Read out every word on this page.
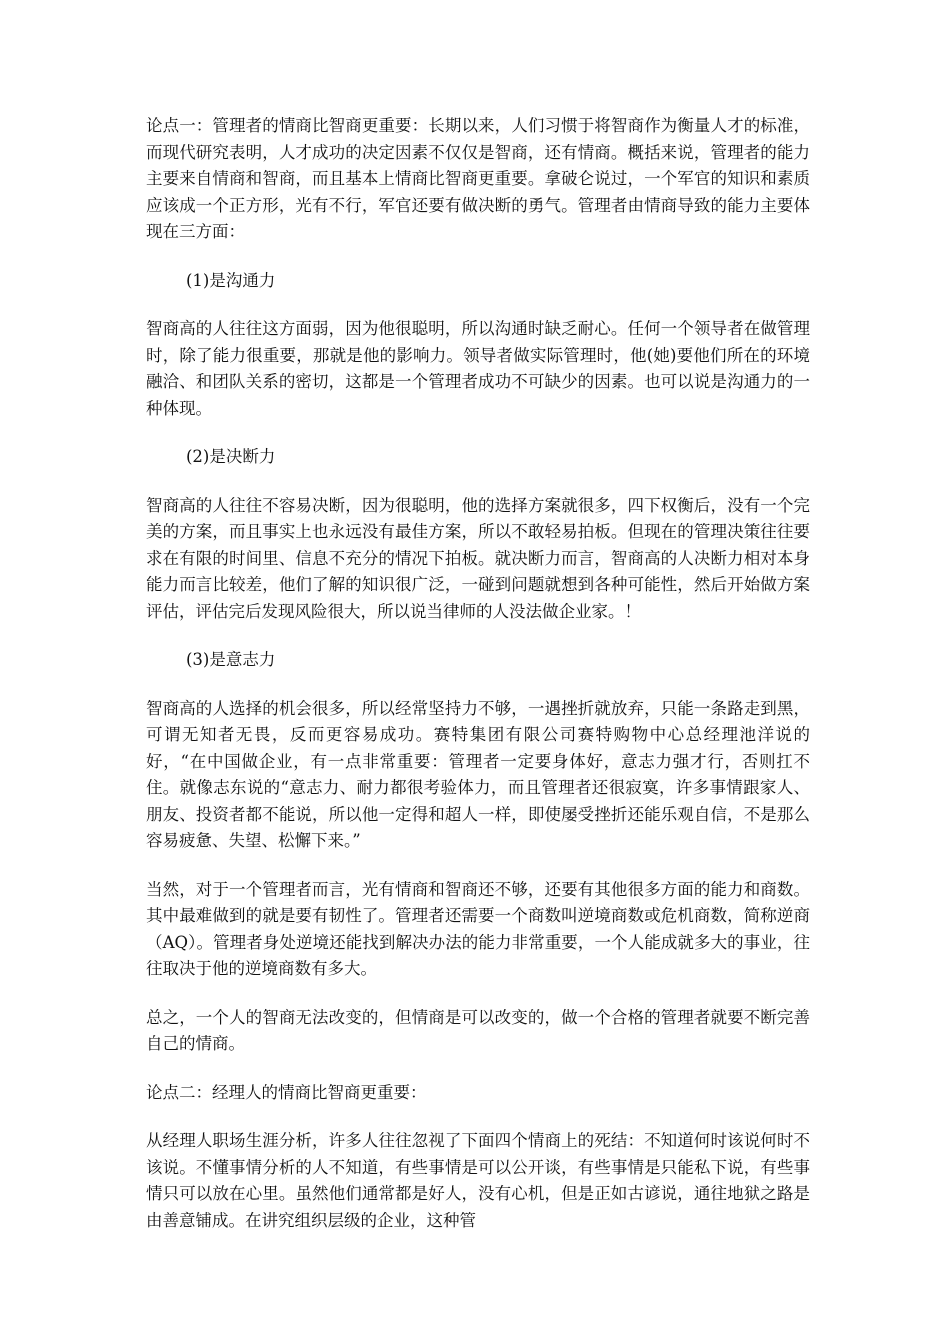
论点一：管理者的情商比智商更重要：长期以来，人们习惯于将智商作为衡量人才的标准，而现代研究表明，人才成功的决定因素不仅仅是智商，还有情商。概括来说，管理者的能力主要来自情商和智商，而且基本上情商比智商更重要。拿破仑说过，一个军官的知识和素质应该成一个正方形，光有不行，军官还要有做决断的勇气。管理者由情商导致的能力主要体现在三方面：

(1)是沟通力

智商高的人往往这方面弱，因为他很聪明，所以沟通时缺乏耐心。任何一个领导者在做管理时，除了能力很重要，那就是他的影响力。领导者做实际管理时，他(她)要他们所在的环境融洽、和团队关系的密切，这都是一个管理者成功不可缺少的因素。也可以说是沟通力的一种体现。

(2)是决断力

智商高的人往往不容易决断，因为很聪明，他的选择方案就很多，四下权衡后，没有一个完美的方案，而且事实上也永远没有最佳方案，所以不敢轻易拍板。但现在的管理决策往往要求在有限的时间里、信息不充分的情况下拍板。就决断力而言，智商高的人决断力相对本身能力而言比较差，他们了解的知识很广泛，一碰到问题就想到各种可能性，然后开始做方案评估，评估完后发现风险很大，所以说当律师的人没法做企业家。！

(3)是意志力

智商高的人选择的机会很多，所以经常坚持力不够，一遇挫折就放弃，只能一条路走到黑，可谓无知者无畏，反而更容易成功。赛特集团有限公司赛特购物中心总经理池洋说的好，“在中国做企业，有一点非常重要：管理者一定要身体好，意志力强才行，否则扛不住。就像志东说的“意志力、耐力都很考验体力，而且管理者还很寂寞，许多事情跟家人、朋友、投资者都不能说，所以他一定得和超人一样，即使屡受挫折还能乐观自信，不是那么容易疲惫、失望、松懈下来。”

当然，对于一个管理者而言，光有情商和智商还不够，还要有其他很多方面的能力和商数。其中最难做到的就是要有韧性了。管理者还需要一个商数叫逆境商数或危机商数，简称逆商（AQ）。管理者身处逆境还能找到解决办法的能力非常重要，一个人能成就多大的事业，往往取决于他的逆境商数有多大。

总之，一个人的智商无法改变的，但情商是可以改变的，做一个合格的管理者就要不断完善自己的情商。

论点二：经理人的情商比智商更重要：

从经理人职场生涯分析，许多人往往忽视了下面四个情商上的死结：不知道何时该说何时不该说。不懂事情分析的人不知道，有些事情是可以公开谈，有些事情是只能私下说，有些事情只可以放在心里。虽然他们通常都是好人，没有心机，但是正如古谚说，通往地狱之路是由善意铺成。在讲究组织层级的企业，这种管
